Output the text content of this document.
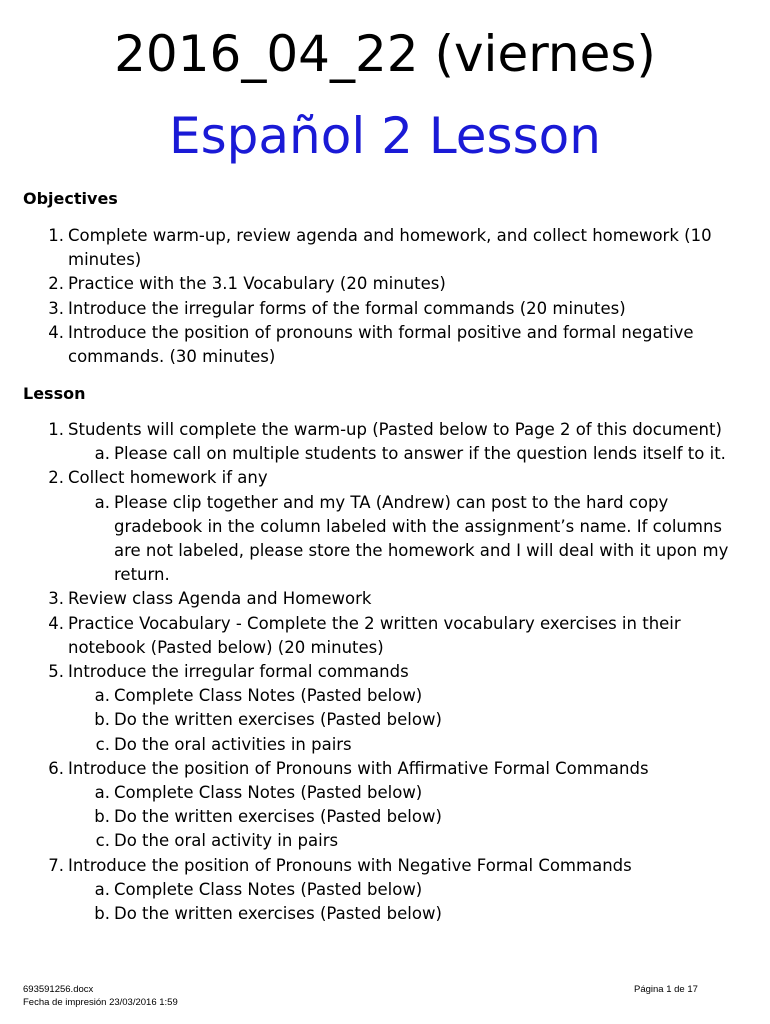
2016_04_22 (viernes)
Español 2 Lesson
Objectives
1. Complete warm-up, review agenda and homework, and collect homework (10 minutes)
2. Practice with the 3.1 Vocabulary (20 minutes)
3. Introduce the irregular forms of the formal commands (20 minutes)
4. Introduce the position of pronouns with formal positive and formal negative commands. (30 minutes)
Lesson
1. Students will complete the warm-up (Pasted below to Page 2 of this document)
a. Please call on multiple students to answer if the question lends itself to it.
2. Collect homework if any
a. Please clip together and my TA (Andrew) can post to the hard copy gradebook in the column labeled with the assignment’s name. If columns are not labeled, please store the homework and I will deal with it upon my return.
3. Review class Agenda and Homework
4. Practice Vocabulary - Complete the 2 written vocabulary exercises in their notebook (Pasted below) (20 minutes)
5. Introduce the irregular formal commands
a. Complete Class Notes (Pasted below)
b. Do the written exercises (Pasted below)
c. Do the oral activities in pairs
6. Introduce the position of Pronouns with Affirmative Formal Commands
a. Complete Class Notes (Pasted below)
b. Do the written exercises (Pasted below)
c. Do the oral activity in pairs
7. Introduce the position of Pronouns with Negative Formal Commands
a. Complete Class Notes (Pasted below)
b. Do the written exercises (Pasted below)
693591256.docx
Fecha de impresión 23/03/2016 1:59
Página 1 de 17
